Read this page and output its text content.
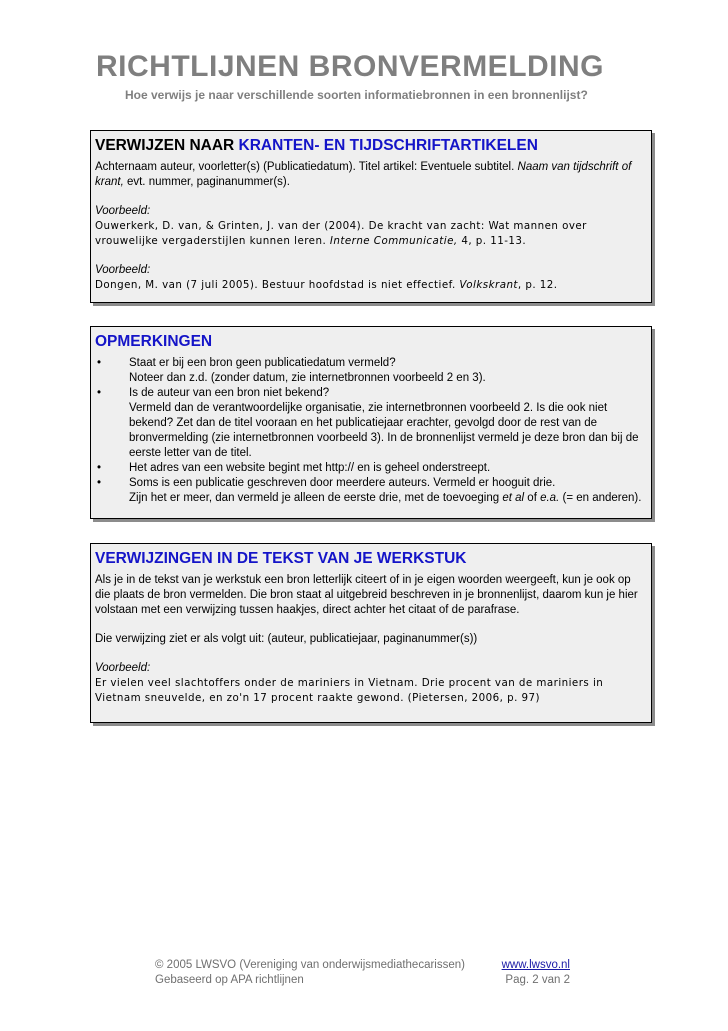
RICHTLIJNEN BRONVERMELDING
Hoe verwijs je naar verschillende soorten informatiebronnen in een bronnenlijst?
VERWIJZEN NAAR KRANTEN- EN TIJDSCHRIFTARTIKELEN

Achternaam auteur, voorletter(s) (Publicatiedatum). Titel artikel: Eventuele subtitel. Naam van tijdschrift of krant, evt. nummer, paginanummer(s).

Voorbeeld:

Ouwerkerk, D. van, & Grinten, J. van der (2004). De kracht van zacht: Wat mannen over vrouwelijke vergaderstijlen kunnen leren. Interne Communicatie, 4, p. 11-13.

Voorbeeld:

Dongen, M. van (7 juli 2005). Bestuur hoofdstad is niet effectief. Volkskrant, p. 12.

OPMERKINGEN
• Staat er bij een bron geen publicatiedatum vermeld?
Noteer dan z.d. (zonder datum, zie internetbronnen voorbeeld 2 en 3).
• Is de auteur van een bron niet bekend?
Vermeld dan de verantwoordelijke organisatie, zie internetbronnen voorbeeld 2. Is die ook niet bekend? Zet dan de titel vooraan en het publicatiejaar erachter, gevolgd door de rest van de bronvermelding (zie internetbronnen voorbeeld 3). In de bronnenlijst vermeld je deze bron dan bij de eerste letter van de titel.
• Het adres van een website begint met http:// en is geheel onderstreept.
• Soms is een publicatie geschreven door meerdere auteurs. Vermeld er hooguit drie.
Zijn het er meer, dan vermeld je alleen de eerste drie, met de toevoeging et al of e.a. (= en anderen).
VERWIJZINGEN IN DE TEKST VAN JE WERKSTUK

Als je in de tekst van je werkstuk een bron letterlijk citeert of in je eigen woorden weergeeft, kun je ook op die plaats de bron vermelden. Die bron staat al uitgebreid beschreven in je bronnenlijst, daarom kun je hier volstaan met een verwijzing tussen haakjes, direct achter het citaat of de parafrase.

Die verwijzing ziet er als volgt uit: (auteur, publicatiejaar, paginanummer(s))

Voorbeeld:

Er vielen veel slachtoffers onder de mariniers in Vietnam. Drie procent van de mariniers in Vietnam sneuvelde, en zo'n 17 procent raakte gewond. (Pietersen, 2006, p. 97)

© 2005 LWSVO (Vereniging van onderwijsmediathecarissen)	www.lwsvo.nl
Gebaseerd op APA richtlijnen	Pag. 2 van 2
